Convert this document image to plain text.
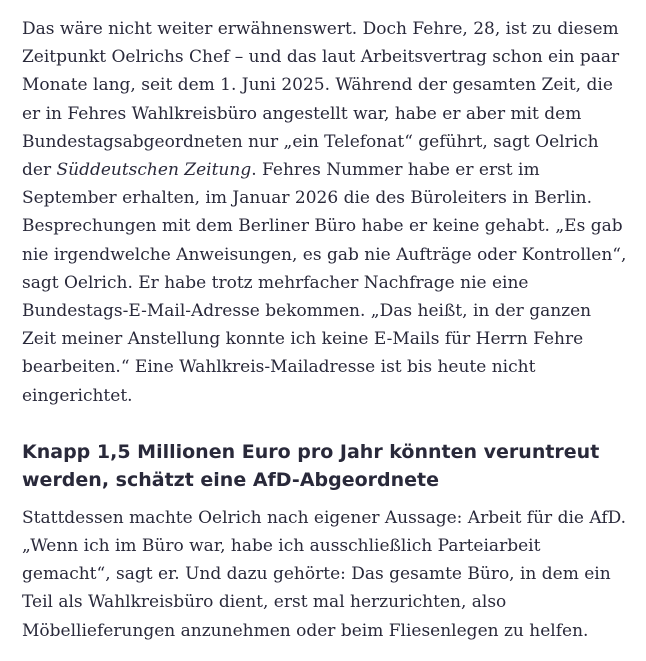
Das wäre nicht weiter erwähnenswert. Doch Fehre, 28, ist zu diesem
Zeitpunkt Oelrichs Chef – und das laut Arbeitsvertrag schon ein paar
Monate lang, seit dem 1. Juni 2025. Während der gesamten Zeit, die
er in Fehres Wahlkreisbüro angestellt war, habe er aber mit dem
Bundestagsabgeordneten nur „ein Telefonat“ geführt, sagt Oelrich
der Süddeutschen Zeitung. Fehres Nummer habe er erst im
September erhalten, im Januar 2026 die des Büroleiters in Berlin.
Besprechungen mit dem Berliner Büro habe er keine gehabt. „Es gab
nie irgendwelche Anweisungen, es gab nie Aufträge oder Kontrollen“,
sagt Oelrich. Er habe trotz mehrfacher Nachfrage nie eine
Bundestags-E-Mail-Adresse bekommen. „Das heißt, in der ganzen
Zeit meiner Anstellung konnte ich keine E-Mails für Herrn Fehre
bearbeiten.“ Eine Wahlkreis-Mailadresse ist bis heute nicht
eingerichtet.

Knapp 1,5 Millionen Euro pro Jahr könnten veruntreut
werden, schätzt eine AfD-Abgeordnete

Stattdessen machte Oelrich nach eigener Aussage: Arbeit für die AfD.
„Wenn ich im Büro war, habe ich ausschließlich Parteiarbeit
gemacht“, sagt er. Und dazu gehörte: Das gesamte Büro, in dem ein
Teil als Wahlkreisbüro dient, erst mal herzurichten, also
Möbellieferungen anzunehmen oder beim Fliesenlegen zu helfen.
